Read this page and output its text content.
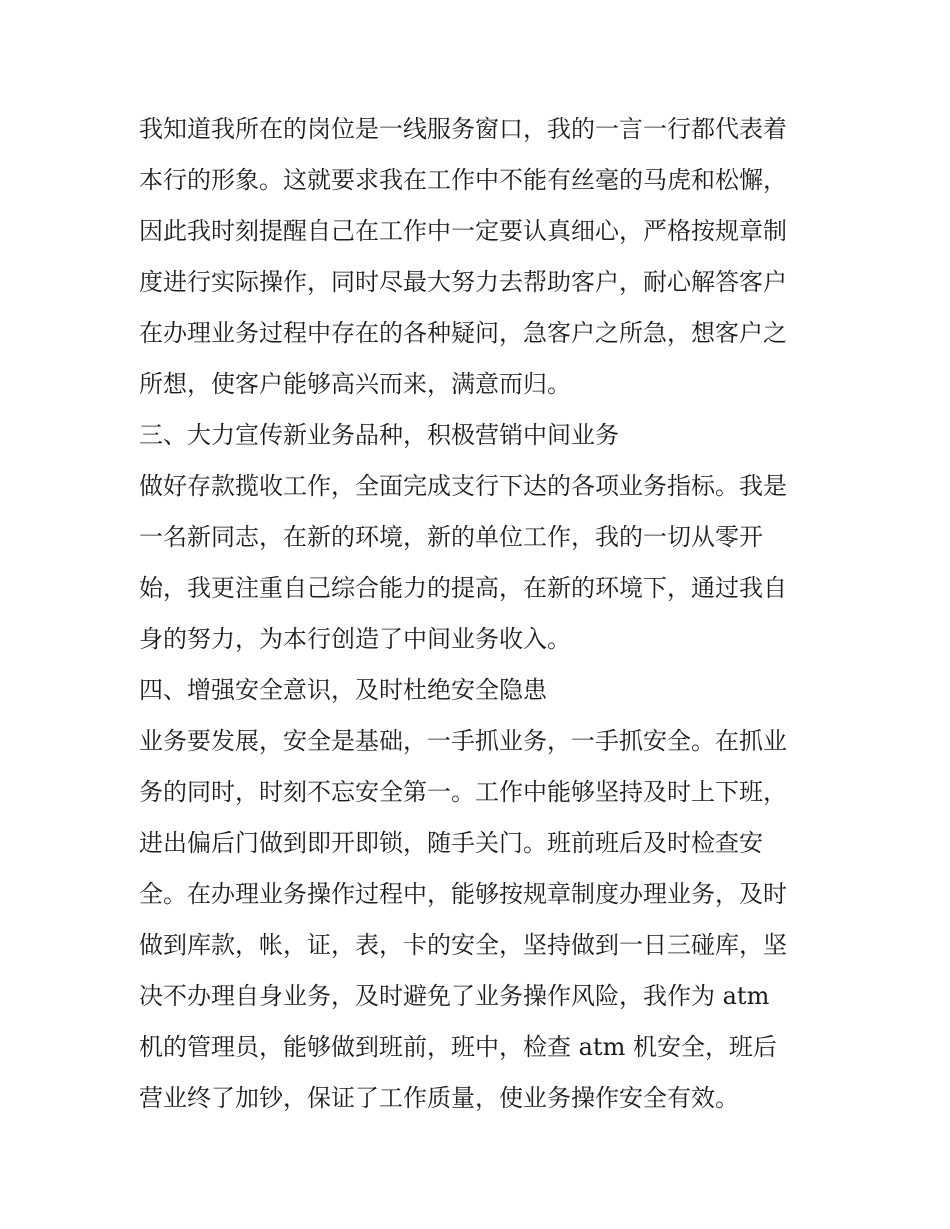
我知道我所在的岗位是一线服务窗口，我的一言一行都代表着
本行的形象。这就要求我在工作中不能有丝毫的马虎和松懈，
因此我时刻提醒自己在工作中一定要认真细心，严格按规章制
度进行实际操作，同时尽最大努力去帮助客户，耐心解答客户
在办理业务过程中存在的各种疑问，急客户之所急，想客户之
所想，使客户能够高兴而来，满意而归。
三、大力宣传新业务品种，积极营销中间业务
做好存款揽收工作，全面完成支行下达的各项业务指标。我是
一名新同志，在新的环境，新的单位工作，我的一切从零开
始，我更注重自己综合能力的提高，在新的环境下，通过我自
身的努力，为本行创造了中间业务收入。
四、增强安全意识，及时杜绝安全隐患
业务要发展，安全是基础，一手抓业务，一手抓安全。在抓业
务的同时，时刻不忘安全第一。工作中能够坚持及时上下班，
进出偏后门做到即开即锁，随手关门。班前班后及时检查安
全。在办理业务操作过程中，能够按规章制度办理业务，及时
做到库款，帐，证，表，卡的安全，坚持做到一日三碰库，坚
决不办理自身业务，及时避免了业务操作风险，我作为 atm
机的管理员，能够做到班前，班中，检查 atm 机安全，班后
营业终了加钞，保证了工作质量，使业务操作安全有效。
